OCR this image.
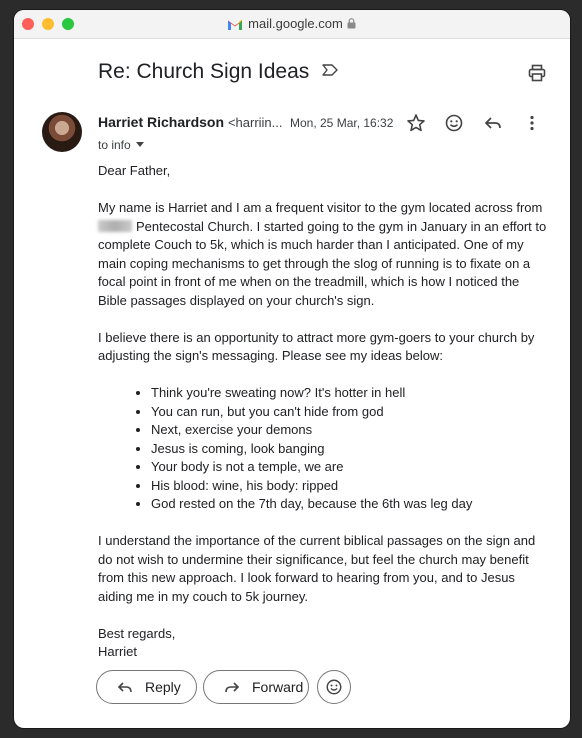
mail.google.com
Re: Church Sign Ideas
Harriet Richardson <harriin... Mon, 25 Mar, 16:32
to info

Dear Father,

My name is Harriet and I am a frequent visitor to the gym located across from Pentecostal Church. I started going to the gym in January in an effort to complete Couch to 5k, which is much harder than I anticipated. One of my main coping mechanisms to get through the slog of running is to fixate on a focal point in front of me when on the treadmill, which is how I noticed the Bible passages displayed on your church's sign.

I believe there is an opportunity to attract more gym-goers to your church by adjusting the sign's messaging. Please see my ideas below:

• Think you're sweating now? It's hotter in hell
• You can run, but you can't hide from god
• Next, exercise your demons
• Jesus is coming, look banging
• Your body is not a temple, we are
• His blood: wine, his body: ripped
• God rested on the 7th day, because the 6th was leg day

I understand the importance of the current biblical passages on the sign and do not wish to undermine their significance, but feel the church may benefit from this new approach. I look forward to hearing from you, and to Jesus aiding me in my couch to 5k journey.

Best regards,
Harriet
Reply	Forward
